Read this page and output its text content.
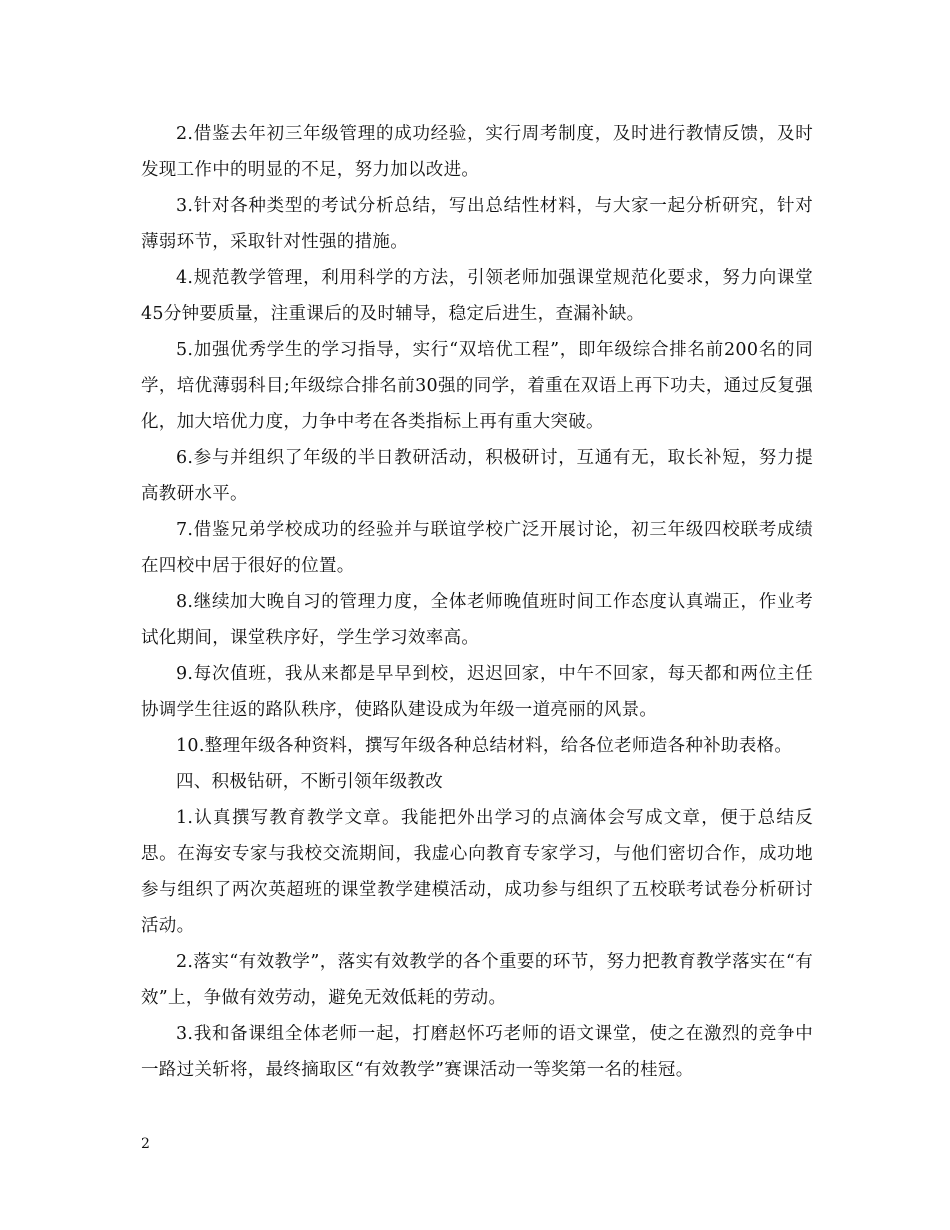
2.借鉴去年初三年级管理的成功经验，实行周考制度，及时进行教情反馈，及时发现工作中的明显的不足，努力加以改进。

3.针对各种类型的考试分析总结，写出总结性材料，与大家一起分析研究，针对薄弱环节，采取针对性强的措施。

4.规范教学管理，利用科学的方法，引领老师加强课堂规范化要求，努力向课堂45分钟要质量，注重课后的及时辅导，稳定后进生，查漏补缺。

5.加强优秀学生的学习指导，实行“双培优工程”，即年级综合排名前200名的同学，培优薄弱科目;年级综合排名前30强的同学，着重在双语上再下功夫，通过反复强化，加大培优力度，力争中考在各类指标上再有重大突破。

6.参与并组织了年级的半日教研活动，积极研讨，互通有无，取长补短，努力提高教研水平。

7.借鉴兄弟学校成功的经验并与联谊学校广泛开展讨论，初三年级四校联考成绩在四校中居于很好的位置。

8.继续加大晚自习的管理力度，全体老师晚值班时间工作态度认真端正，作业考试化期间，课堂秩序好，学生学习效率高。

9.每次值班，我从来都是早早到校，迟迟回家，中午不回家，每天都和两位主任协调学生往返的路队秩序，使路队建设成为年级一道亮丽的风景。

10.整理年级各种资料，撰写年级各种总结材料，给各位老师造各种补助表格。

四、积极钻研，不断引领年级教改

1.认真撰写教育教学文章。我能把外出学习的点滴体会写成文章，便于总结反思。在海安专家与我校交流期间，我虚心向教育专家学习，与他们密切合作，成功地参与组织了两次英超班的课堂教学建模活动，成功参与组织了五校联考试卷分析研讨活动。

2.落实“有效教学”，落实有效教学的各个重要的环节，努力把教育教学落实在“有效”上，争做有效劳动，避免无效低耗的劳动。

3.我和备课组全体老师一起，打磨赵怀巧老师的语文课堂，使之在激烈的竞争中一路过关斩将，最终摘取区“有效教学”赛课活动一等奖第一名的桂冠。

2
